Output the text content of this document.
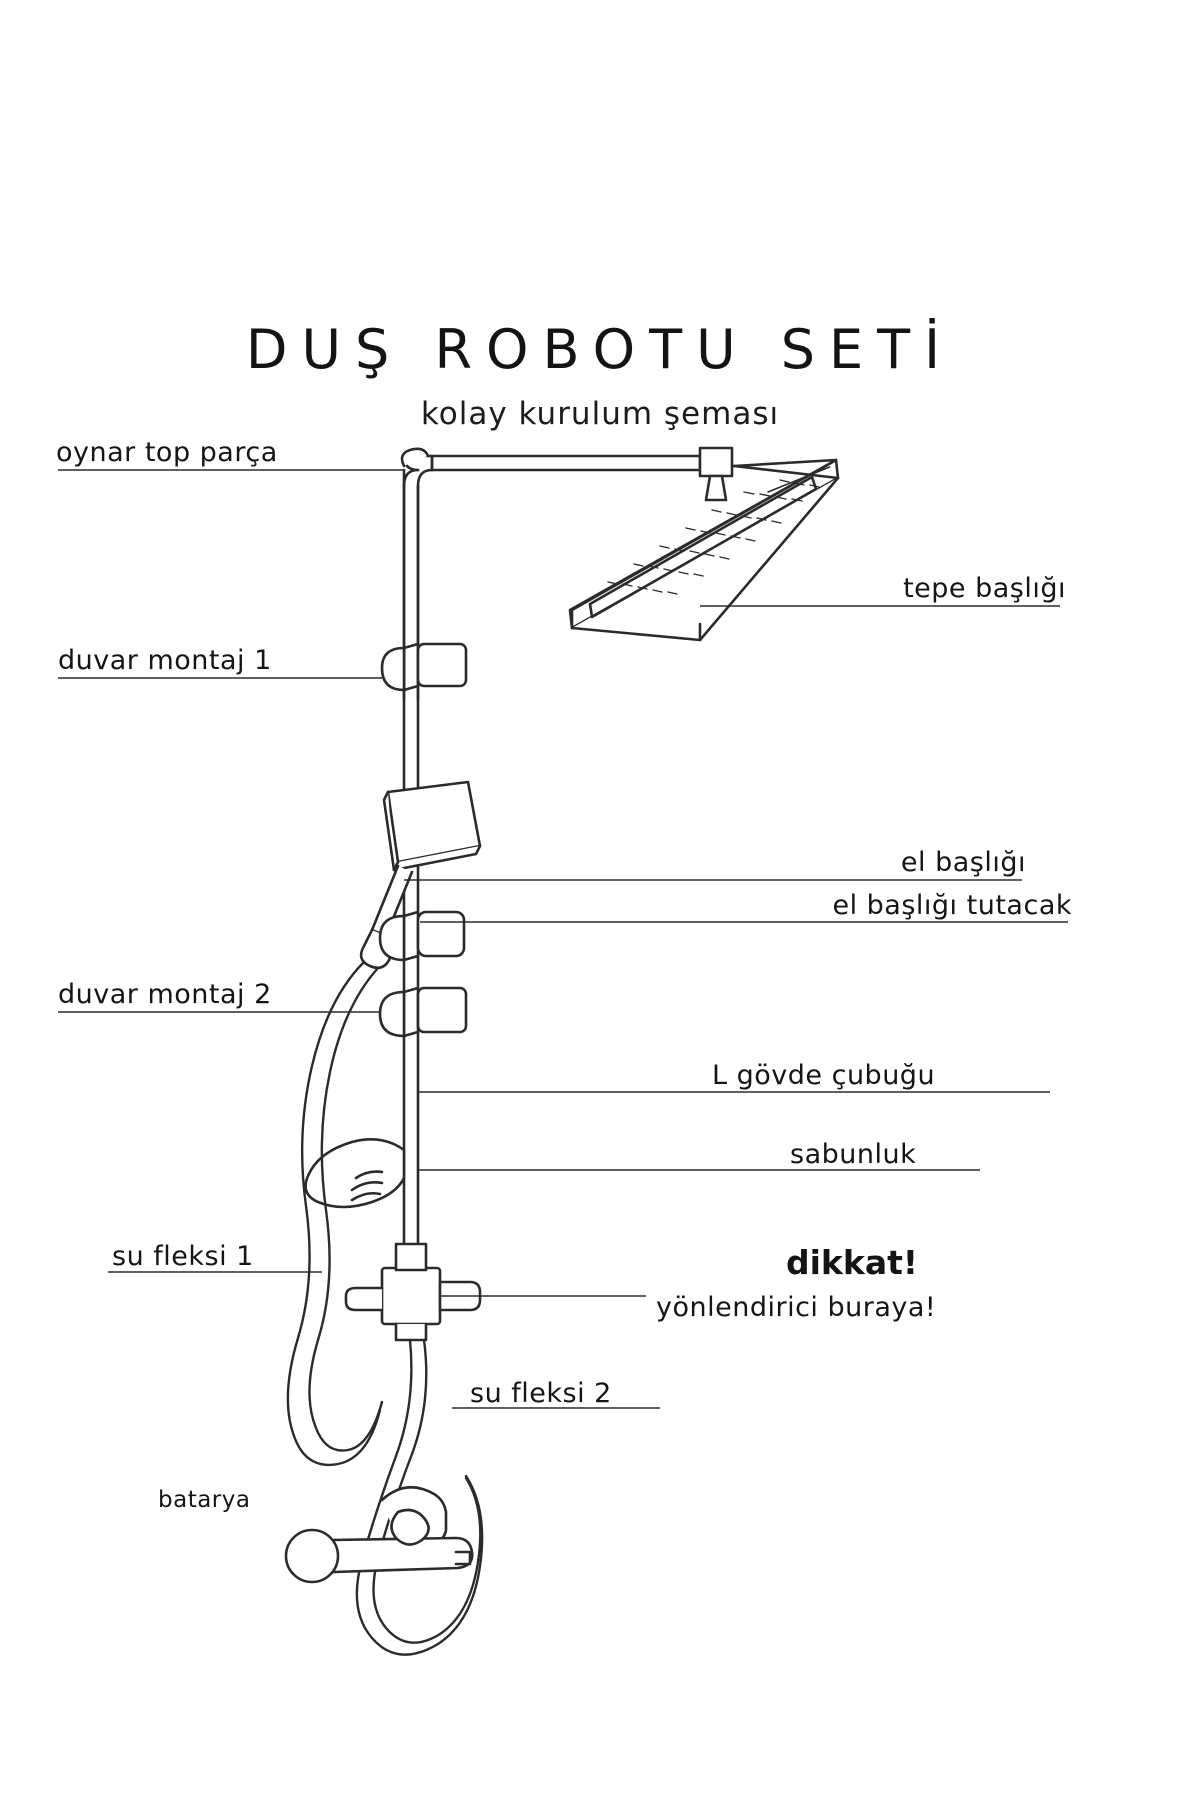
DUŞ ROBOTU SETİ
kolay kurulum şeması
oynar top parça
tepe başlığı
duvar montaj 1
el başlığı
el başlığı tutacak
duvar montaj 2
L gövde çubuğu
sabunluk
su fleksi 1	dikkat!
yönlendirici buraya!
su fleksi 2
batarya
